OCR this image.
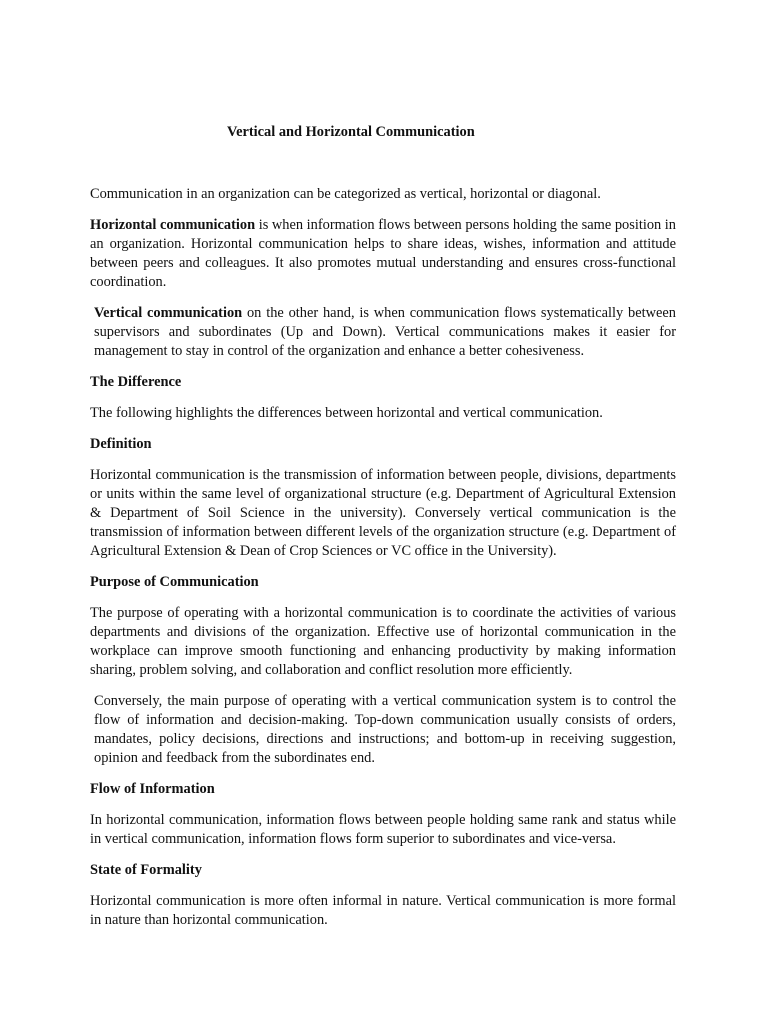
Vertical and Horizontal Communication

Communication in an organization can be categorized as vertical, horizontal or diagonal.

Horizontal communication is when information flows between persons holding the same position in an organization. Horizontal communication helps to share ideas, wishes, information and attitude between peers and colleagues. It also promotes mutual understanding and ensures cross-functional coordination.

Vertical communication on the other hand, is when communication flows systematically between supervisors and subordinates (Up and Down). Vertical communications makes it easier for management to stay in control of the organization and enhance a better cohesiveness.

The Difference

The following highlights the differences between horizontal and vertical communication.

Definition

Horizontal communication is the transmission of information between people, divisions, departments or units within the same level of organizational structure (e.g. Department of Agricultural Extension & Department of Soil Science in the university). Conversely vertical communication is the transmission of information between different levels of the organization structure (e.g. Department of Agricultural Extension & Dean of Crop Sciences or VC office in the University).

Purpose of Communication

The purpose of operating with a horizontal communication is to coordinate the activities of various departments and divisions of the organization. Effective use of horizontal communication in the workplace can improve smooth functioning and enhancing productivity by making information sharing, problem solving, and collaboration and conflict resolution more efficiently.

Conversely, the main purpose of operating with a vertical communication system is to control the flow of information and decision-making. Top-down communication usually consists of orders, mandates, policy decisions, directions and instructions; and bottom-up in receiving suggestion, opinion and feedback from the subordinates end.

Flow of Information

In horizontal communication, information flows between people holding same rank and status while in vertical communication, information flows form superior to subordinates and vice-versa.

State of Formality

Horizontal communication is more often informal in nature. Vertical communication is more formal in nature than horizontal communication.
